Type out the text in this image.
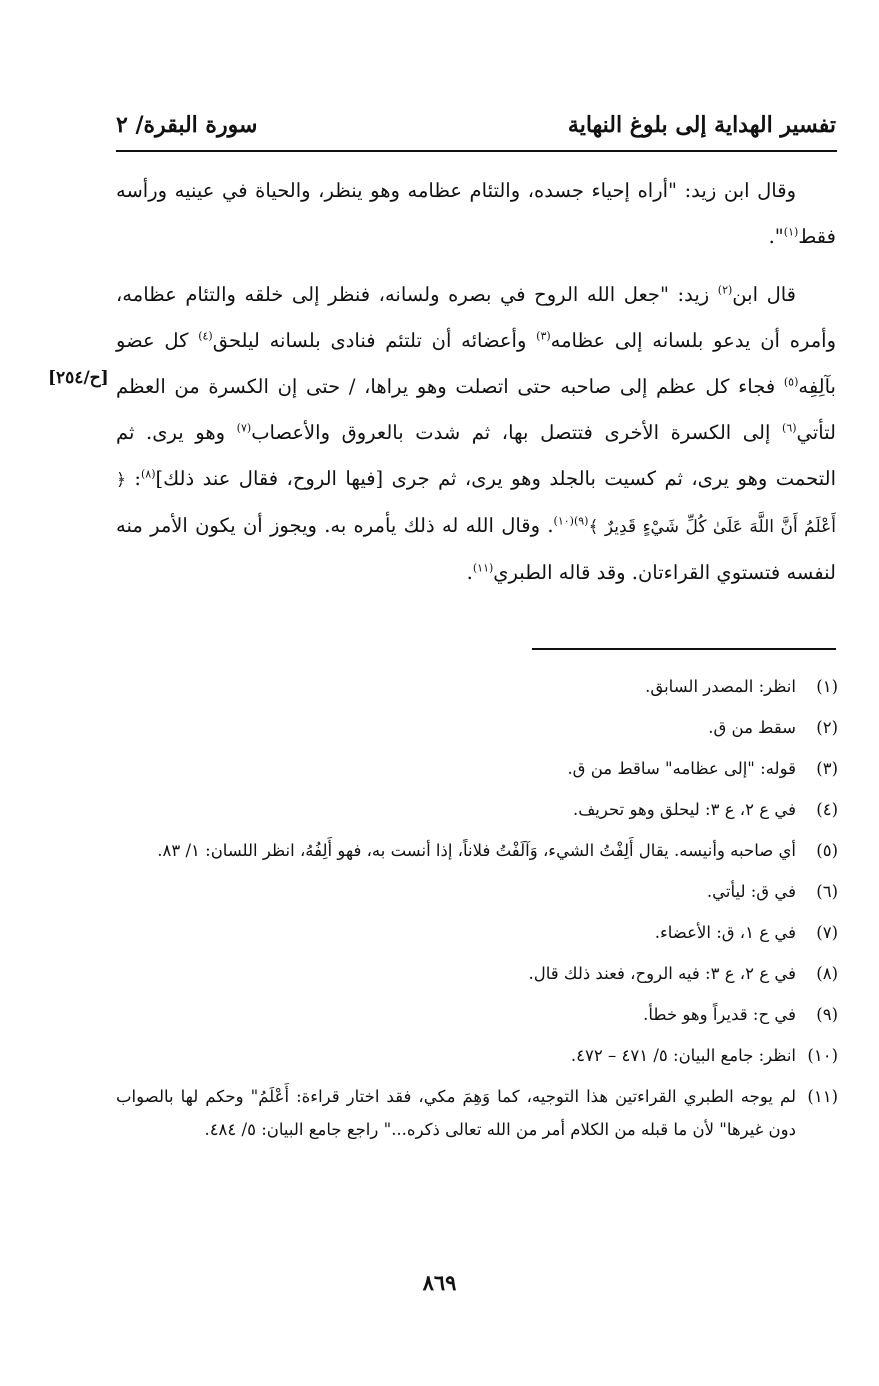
تفسير الهداية إلى بلوغ النهاية
سورة البقرة/ ٢
[ح/٢٥٤]

وقال ابن زيد: "أراه إحياء جسده، والتئام عظامه وهو ينظر، والحياة في عينيه ورأسه فقط$^{(١)}$".

قال ابن$^{(٢)}$ زيد: "جعل الله الروح في بصره ولسانه، فنظر إلى خلقه والتئام عظامه، وأمره أن يدعو بلسانه إلى عظامه$^{(٣)}$ وأعضائه أن تلتئم فنادى بلسانه ليلحق$^{(٤)}$ كل عضو بآلِفِه$^{(٥)}$ فجاء كل عظم إلى صاحبه حتى اتصلت وهو يراها، / حتى إن الكسرة من العظم لتأتي$^{(٦)}$ إلى الكسرة الأخرى فتتصل بها، ثم شدت بالعروق والأعصاب$^{(٧)}$ وهو يرى. ثم التحمت وهو يرى، ثم كسيت بالجلد وهو يرى، ثم جرى [فيها الروح، فقال عند ذلك]$^{(٨)}$: ﴿ أَعْلَمُ أَنَّ اللَّهَ عَلَىٰ كُلِّ شَيْءٍ قَدِيرٌ ﴾$^{(٩)(١٠)}$. وقال الله له ذلك يأمره به. ويجوز أن يكون الأمر منه لنفسه فتستوي القراءتان. وقد قاله الطبري$^{(١١)}$.

(١)
انظر: المصدر السابق.
(٢)
سقط من ق.
(٣)
قوله: "إلى عظامه" ساقط من ق.
(٤)
في ع ٢، ع ٣: ليحلق وهو تحريف.
(٥)
أي صاحبه وأنيسه. يقال أَلِفْتُ الشيء، وَآلَفْتُ فلاناً، إذا أنست به، فهو أَلِفُهُ، انظر اللسان: ١/ ٨٣.
(٦)
في ق: ليأتي.
(٧)
في ع ١، ق: الأعضاء.
(٨)
في ع ٢، ع ٣: فيه الروح، فعند ذلك قال.
(٩)
في ح: قديراً وهو خطأ.
(١٠)
انظر: جامع البيان: ٥/ ٤٧١ – ٤٧٢.
(١١)
لم يوجه الطبري القراءتين هذا التوجيه، كما وَهِمَ مكي، فقد اختار قراءة: أَعْلَمُ" وحكم لها بالصواب دون غيرها" لأن ما قبله من الكلام أمر من الله تعالى ذكره..." راجع جامع البيان: ٥/ ٤٨٤.
٨٦٩
